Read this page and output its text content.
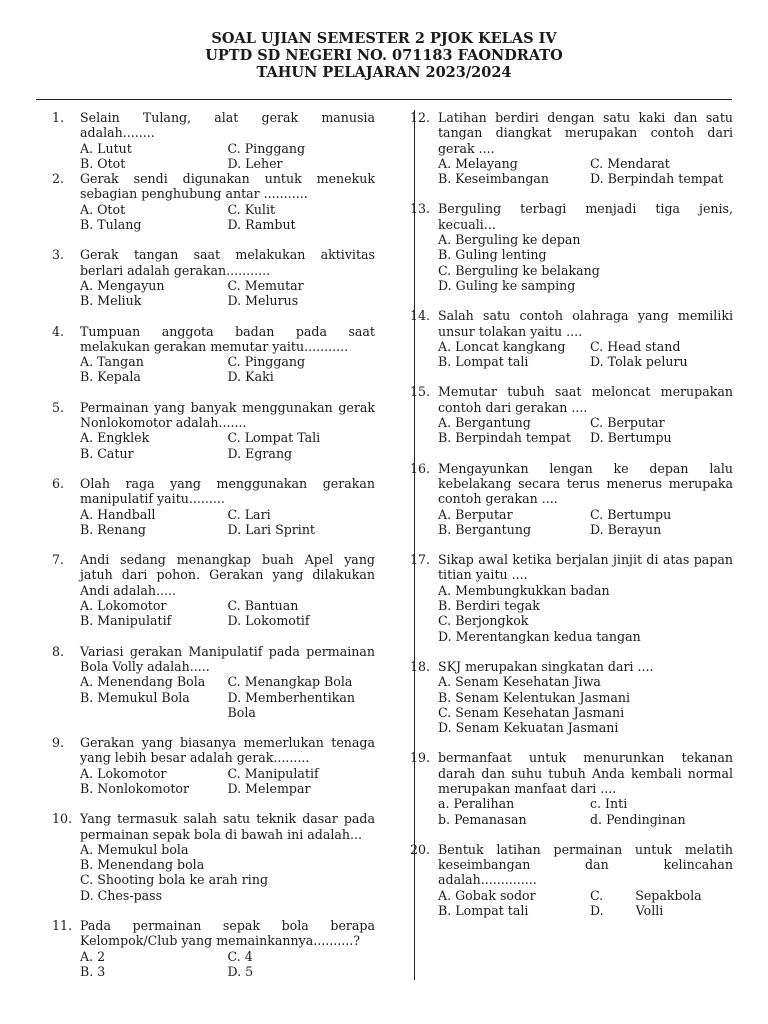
SOAL UJIAN SEMESTER 2 PJOK KELAS IV
UPTD SD NEGERI NO. 071183 FAONDRATO
TAHUN PELAJARAN 2023/2024
1. Selain Tulang, alat gerak manusia adalah........
A. Lutut	C. Pinggang
B. Otot	D. Leher
2. Gerak sendi digunakan untuk menekuk sebagian penghubung antar ...........
A. Otot	C. Kulit
B. Tulang	D. Rambut
3. Gerak tangan saat melakukan aktivitas berlari adalah gerakan...........
A. Mengayun	C. Memutar
B. Meliuk	D. Melurus
4. Tumpuan anggota badan pada saat melakukan gerakan memutar yaitu...........
A. Tangan	C. Pinggang
B. Kepala	D. Kaki
5. Permainan yang banyak menggunakan gerak Nonlokomotor adalah.......
A. Engklek	C. Lompat Tali
B. Catur	D. Egrang
6. Olah raga yang menggunakan gerakan manipulatif yaitu.........
A. Handball	C. Lari
B. Renang	D. Lari Sprint
7. Andi sedang menangkap buah Apel yang jatuh dari pohon. Gerakan yang dilakukan Andi adalah.....
A. Lokomotor	C. Bantuan
B. Manipulatif	D. Lokomotif
8. Variasi gerakan Manipulatif pada permainan Bola Volly adalah.....
A. Menendang Bola	C. Menangkap Bola
B. Memukul Bola	D. Memberhentikan Bola
9. Gerakan yang biasanya memerlukan tenaga yang lebih besar adalah gerak.........
A. Lokomotor	C. Manipulatif
B. Nonlokomotor	D. Melempar
10. Yang termasuk salah satu teknik dasar pada permainan sepak bola di bawah ini adalah...
A. Memukul bola
B. Menendang bola
C. Shooting bola ke arah ring
D. Ches-pass
11. Pada permainan sepak bola berapa Kelompok/Club yang memainkannya..........?
A. 2	C. 4
B. 3	D. 5
12. Latihan berdiri dengan satu kaki dan satu tangan diangkat merupakan contoh dari gerak ....
A. Melayang	C. Mendarat
B. Keseimbangan	D. Berpindah tempat
13. Berguling terbagi menjadi tiga jenis, kecuali...
A. Berguling ke depan
B. Guling lenting
C. Berguling ke belakang
D. Guling ke samping
14. Salah satu contoh olahraga yang memiliki unsur tolakan yaitu ....
A. Loncat kangkang	C. Head stand
B. Lompat tali	D. Tolak peluru
15. Memutar tubuh saat meloncat merupakan contoh dari gerakan ....
A. Bergantung	C. Berputar
B. Berpindah tempat	D. Bertumpu
16. Mengayunkan lengan ke depan lalu kebelakang secara terus menerus merupaka contoh gerakan ....
A. Berputar	C. Bertumpu
B. Bergantung	D. Berayun
17. Sikap awal ketika berjalan jinjit di atas papan titian yaitu ....
A. Membungkukkan badan
B. Berdiri tegak
C. Berjongkok
D. Merentangkan kedua tangan
18. SKJ merupakan singkatan dari ....
A. Senam Kesehatan Jiwa
B. Senam Kelentukan Jasmani
C. Senam Kesehatan Jasmani
D. Senam Kekuatan Jasmani
19. bermanfaat untuk menurunkan tekanan darah dan suhu tubuh Anda kembali normal merupakan manfaat dari ....
a. Peralihan	c. Inti
b. Pemanasan	d. Pendinginan
20. Bentuk latihan permainan untuk melatih keseimbangan dan kelincahan adalah..............
A. Gobak sodor	C.        Sepakbola
B. Lompat tali	D.        Volli
